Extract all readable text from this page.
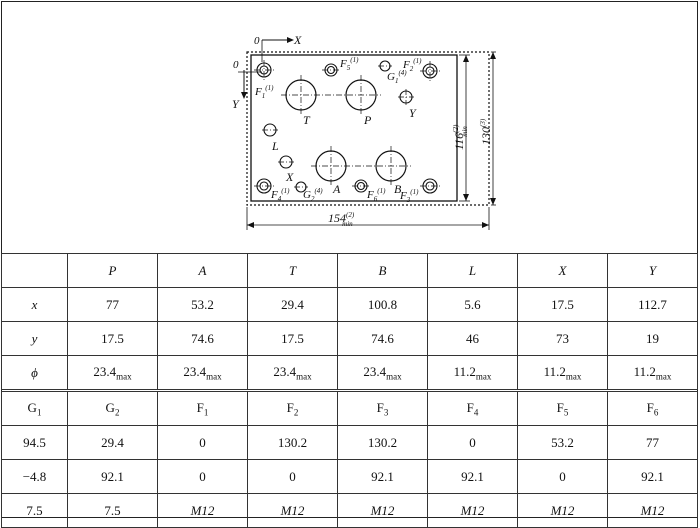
0	X
0
Y
T	P
A	B
L
X
Y
$F_1^{(1)}$
$F_5^{(1)}$
$G_1^{(4)}$
$F_2^{(1)}$
$F_4^{(1)}$ $G_2^{(4)}$	$F_6^{(1)}$ $F_3^{(1)}$
154$^{(2)}$ min
116$^{(2)}$min 130$^{(3)}$
	P	A	T	B	L	X	Y
x	77	53.2	29.4	100.8	5.6	17.5	112.7
y	17.5	74.6	17.5	74.6	46	73	19
ϕ	$23.4_{max}$	$23.4_{max}$	$23.4_{max}$	$23.4_{max}$	$11.2_{max}$	$11.2_{max}$	$11.2_{max}$
$G_1$	$G_2$	$F_1$	$F_2$	$F_3$	$F_4$	$F_5$	$F_6$
94.5	29.4	0	130.2	130.2	0	53.2	77
−4.8	92.1	0	0	92.1	92.1	0	92.1
7.5	7.5	M12	M12	M12	M12	M12	M12
